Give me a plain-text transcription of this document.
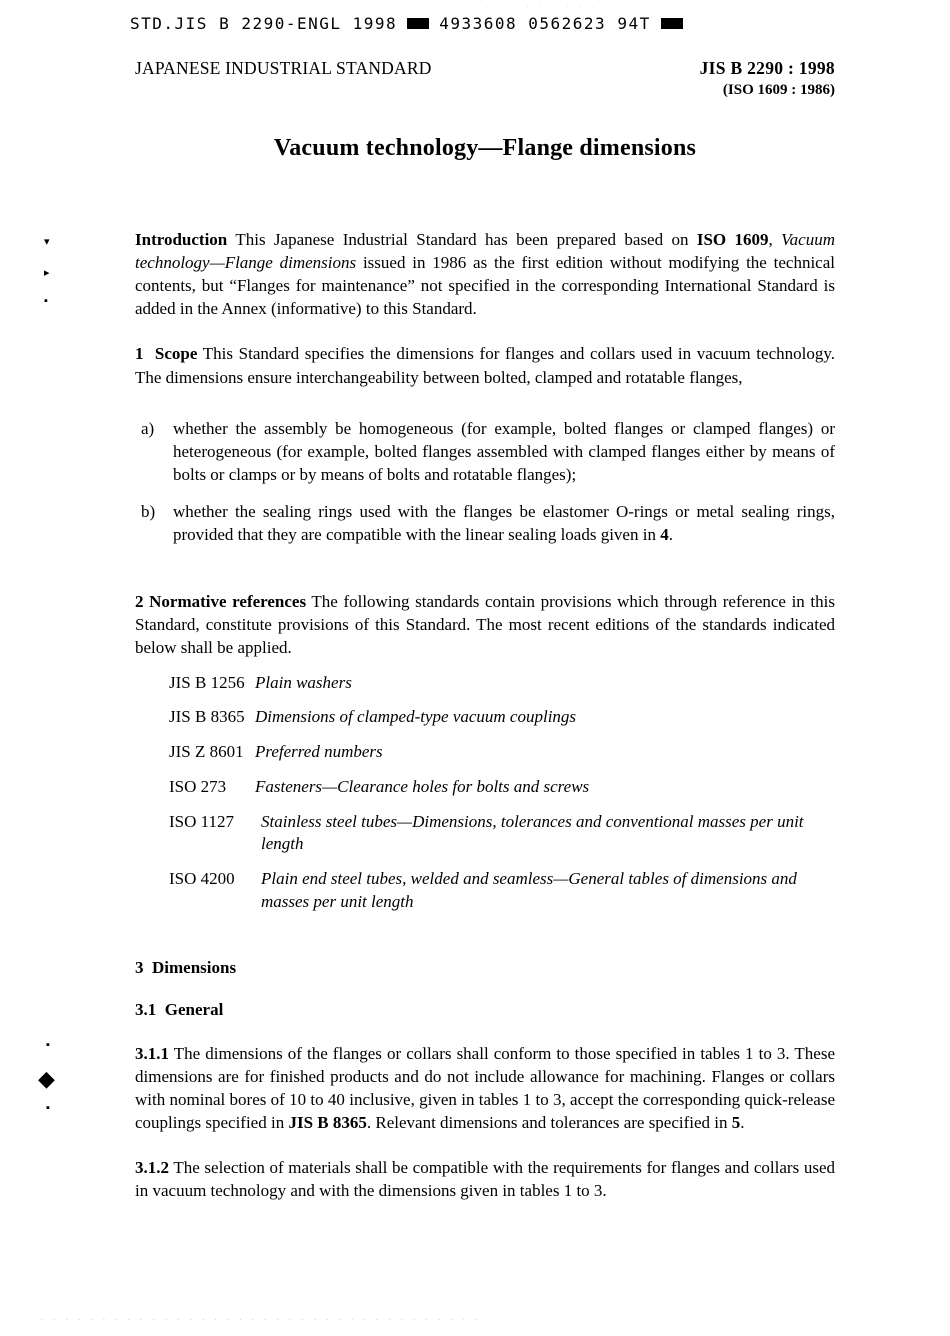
· · · · · · · · · · · · · ·
STD.JIS B 2290-ENGL 1998	4933608 0562623 94T
▾
▸
▪
▪
◆
▪
JAPANESE INDUSTRIAL STANDARD	JIS B 2290 : 1998
(ISO 1609 : 1986)
Vacuum technology—Flange dimensions

Introduction This Japanese Industrial Standard has been prepared based on ISO 1609, Vacuum technology—Flange dimensions issued in 1986 as the first edition without modifying the technical contents, but “Flanges for maintenance” not specified in the corresponding International Standard is added in the Annex (informative) to this Standard.

1 Scope This Standard specifies the dimensions for flanges and collars used in vacuum technology. The dimensions ensure interchangeability between bolted, clamped and rotatable flanges,

a)	whether the assembly be homogeneous (for example, bolted flanges or clamped flanges) or heterogeneous (for example, bolted flanges assembled with clamped flanges either by means of bolts or clamps or by means of bolts and rotatable flanges);
b)	whether the sealing rings used with the flanges be elastomer O-rings or metal sealing rings, provided that they are compatible with the linear sealing loads given in 4.

2 Normative references The following standards contain provisions which through reference in this Standard, constitute provisions of this Standard. The most recent editions of the standards indicated below shall be applied.

JIS B 1256 Plain washers
JIS B 8365 Dimensions of clamped-type vacuum couplings
JIS Z 8601 Preferred numbers
ISO 273	Fasteners—Clearance holes for bolts and screws
ISO 1127	Stainless steel tubes—Dimensions, tolerances and conventional masses per unit length
ISO 4200	Plain end steel tubes, welded and seamless—General tables of dimensions and masses per unit length
3 Dimensions
3.1 General

3.1.1 The dimensions of the flanges or collars shall conform to those specified in tables 1 to 3. These dimensions are for finished products and do not include allowance for machining. Flanges or collars with nominal bores of 10 to 40 inclusive, given in tables 1 to 3, accept the corresponding quick-release couplings specified in JIS B 8365. Relevant dimensions and tolerances are specified in 5.

3.1.2 The selection of materials shall be compatible with the requirements for flanges and collars used in vacuum technology and with the dimensions given in tables 1 to 3.

· · · · · · · · · · · · · · · · · · · · · · · · · · · · · · · · · · · ·
